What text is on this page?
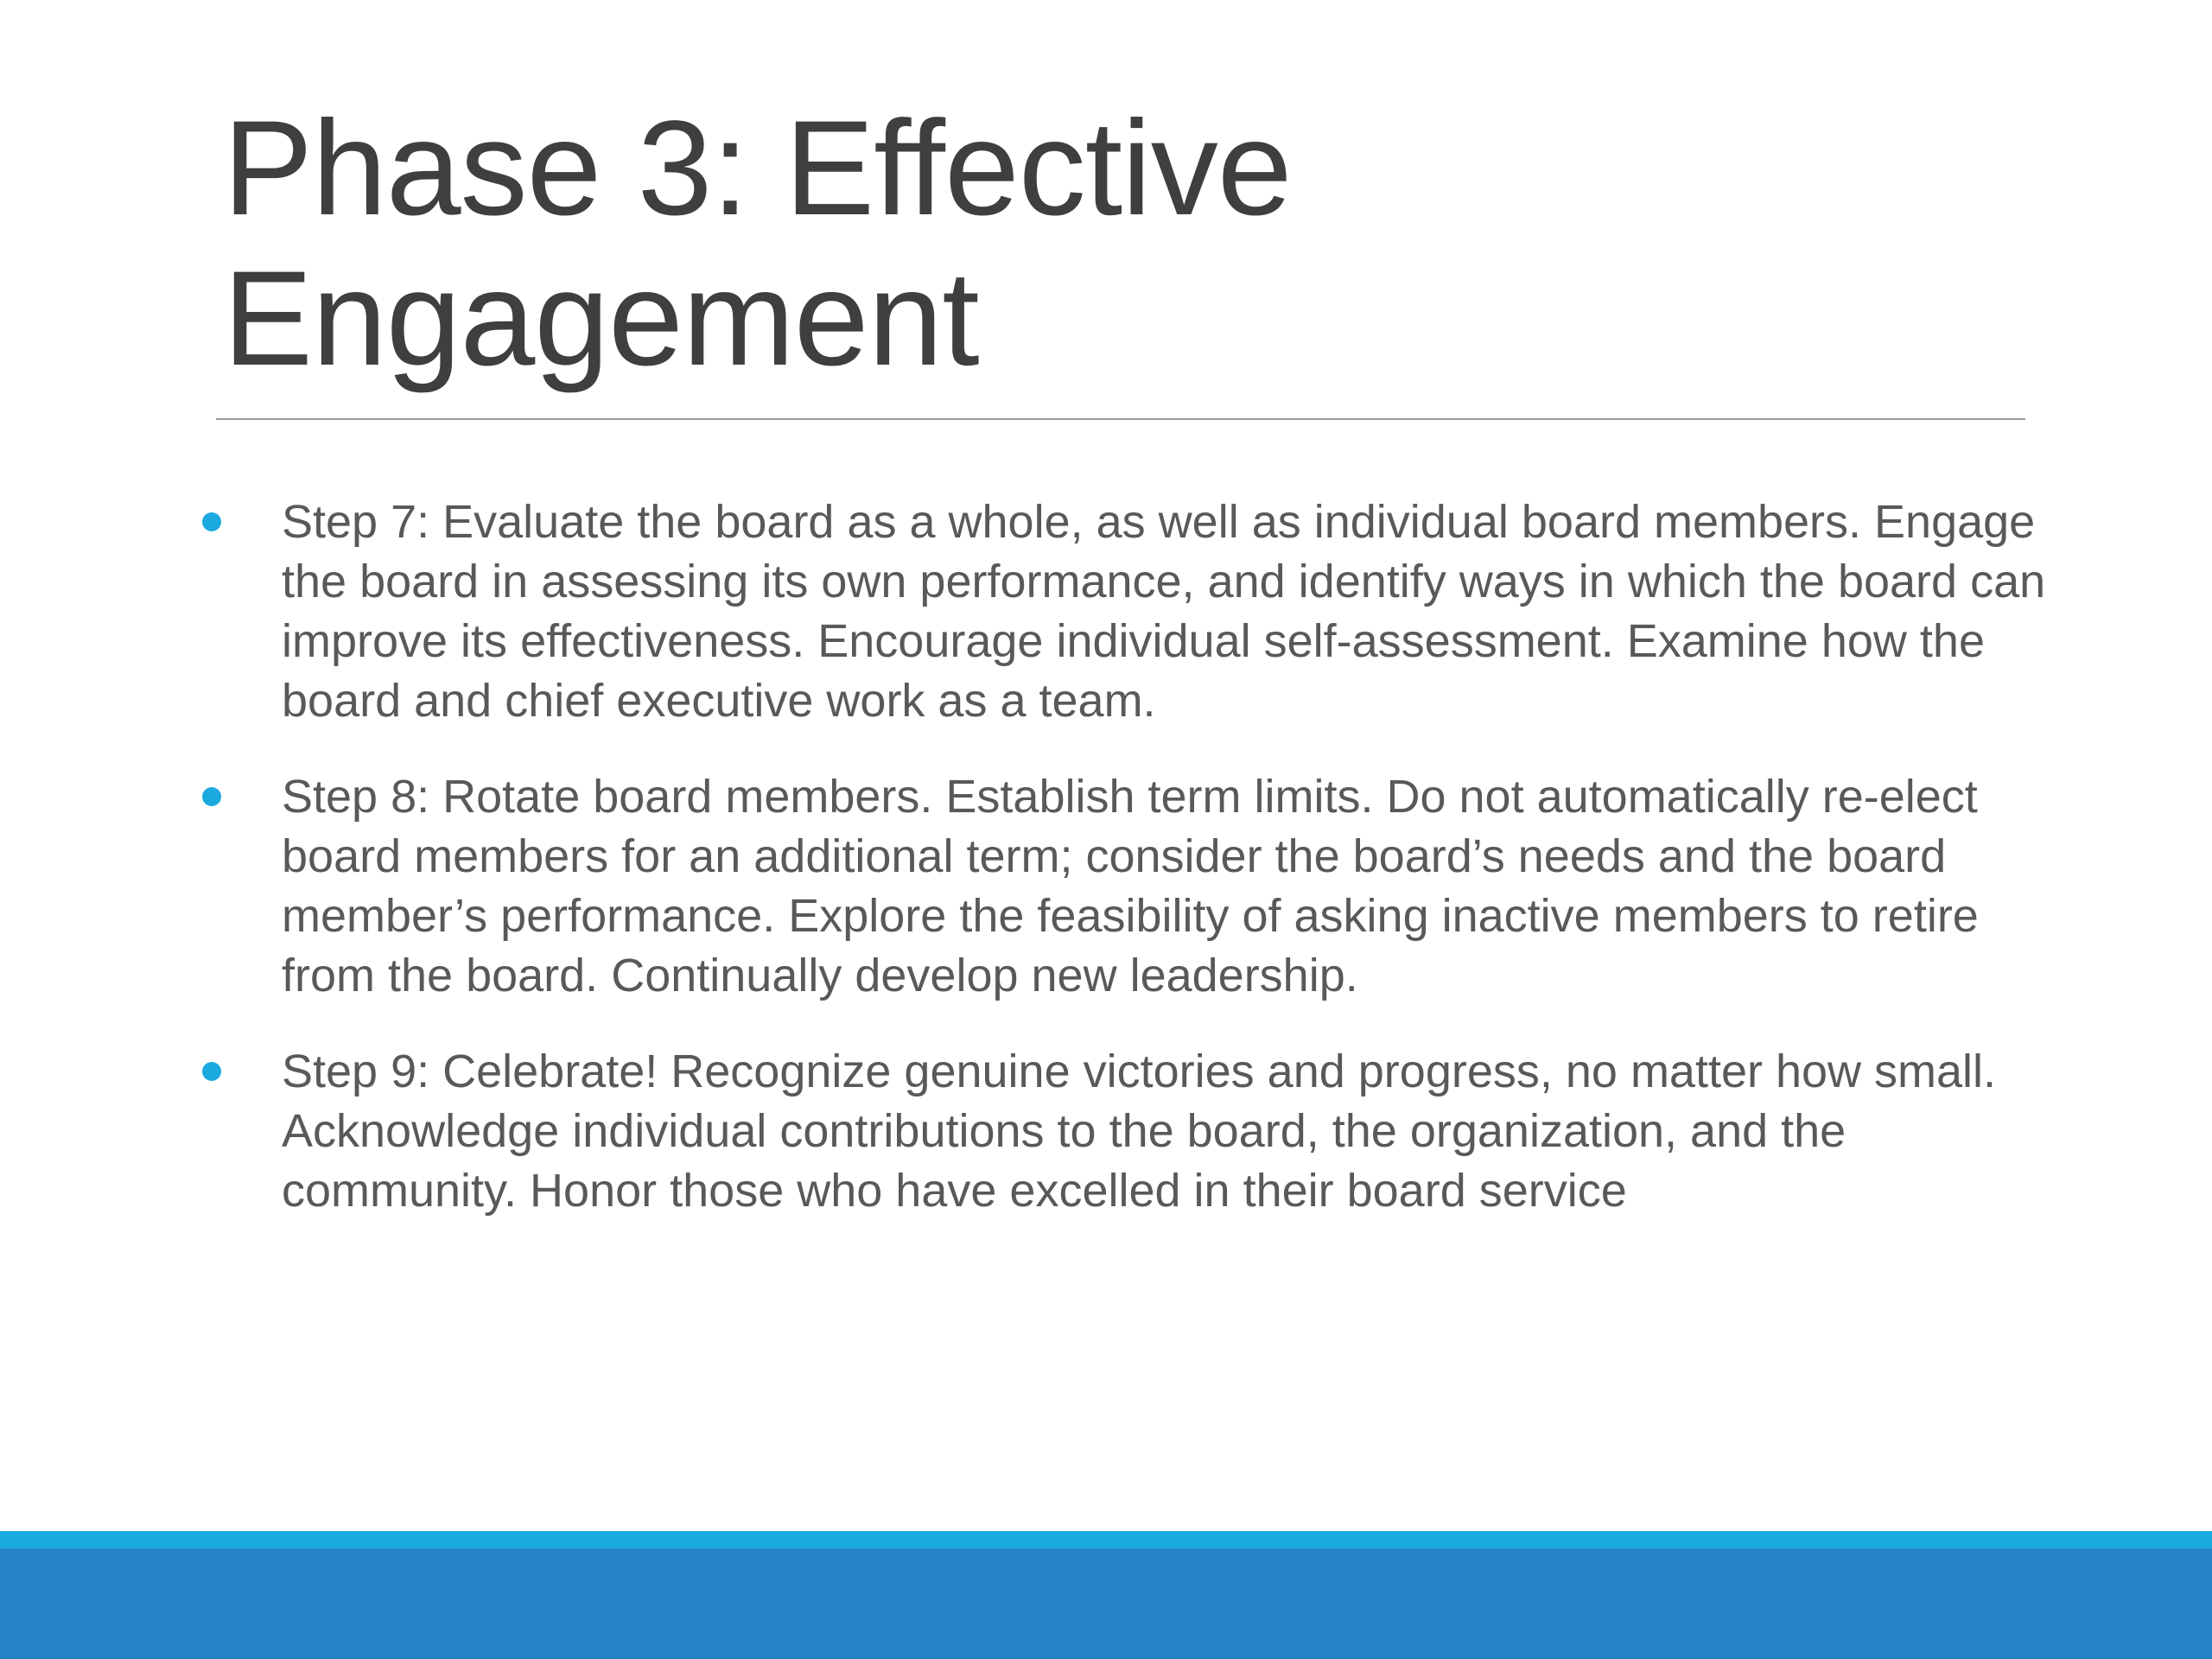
Phase 3: Effective Engagement
Step 7: Evaluate the board as a whole, as well as individual board members. Engage the board in assessing its own performance, and identify ways in which the board can improve its effectiveness. Encourage individual self-assessment. Examine how the board and chief executive work as a team.
Step 8: Rotate board members. Establish term limits. Do not automatically re-elect board members for an additional term; consider the board’s needs and the board member’s performance. Explore the feasibility of asking inactive members to retire from the board. Continually develop new leadership.
Step 9: Celebrate! Recognize genuine victories and progress, no matter how small. Acknowledge individual contributions to the board, the organization, and the community. Honor those who have excelled in their board service
